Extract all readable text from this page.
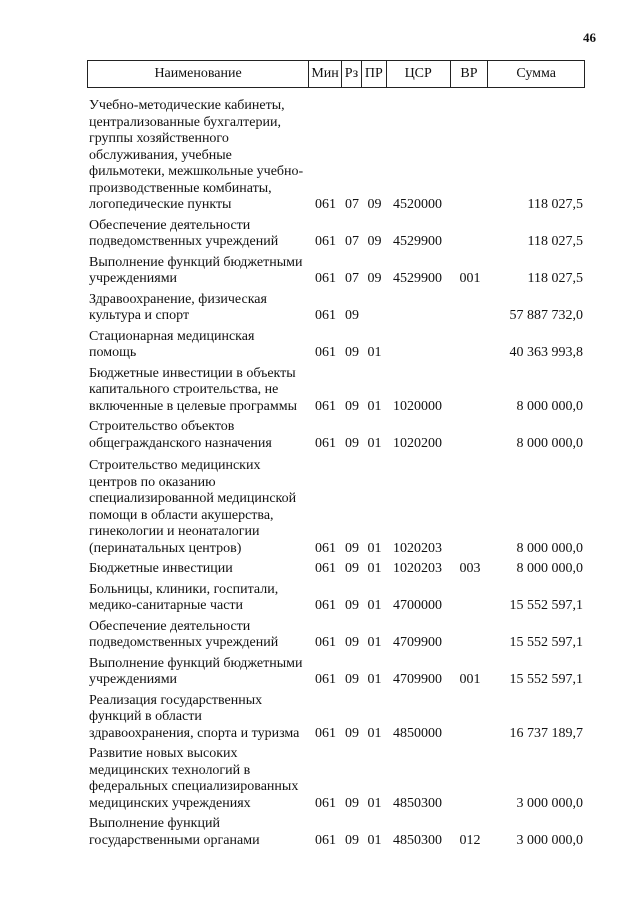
46
Наименование	Мин Рз ПР	ЦСР	ВР	Сумма
Учебно-методические кабинеты, централизованные бухгалтерии, группы хозяйственного обслуживания, учебные фильмотеки, межшкольные учебно-производственные комбинаты, логопедические пункты	061 07 09 4520000	118 027,5
Обеспечение деятельности подведомственных учреждений	061 07 09 4529900	118 027,5
Выполнение функций бюджетными учреждениями	061 07 09 4529900	001	118 027,5
Здравоохранение, физическая культура и спорт	061 09	57 887 732,0
Стационарная медицинская помощь	061 09 01	40 363 993,8
Бюджетные инвестиции в объекты капитального строительства, не включенные в целевые программы	061 09 01 1020000	8 000 000,0
Строительство объектов общегражданского назначения	061 09 01 1020200	8 000 000,0
Строительство медицинских центров по оказанию специализированной медицинской помощи в области акушерства, гинекологии и неонаталогии (перинатальных центров)	061 09 01 1020203	8 000 000,0
Бюджетные инвестиции	061 09 01 1020203	003	8 000 000,0
Больницы, клиники, госпитали, медико-санитарные части	061 09 01 4700000	15 552 597,1
Обеспечение деятельности подведомственных учреждений	061 09 01 4709900	15 552 597,1
Выполнение функций бюджетными учреждениями	061 09 01 4709900	001	15 552 597,1
Реализация государственных функций в области здравоохранения, спорта и туризма	061 09 01 4850000	16 737 189,7
Развитие новых высоких медицинских технологий в федеральных специализированных медицинских учреждениях	061 09 01 4850300	3 000 000,0
Выполнение функций государственными органами	061 09 01 4850300	012	3 000 000,0
